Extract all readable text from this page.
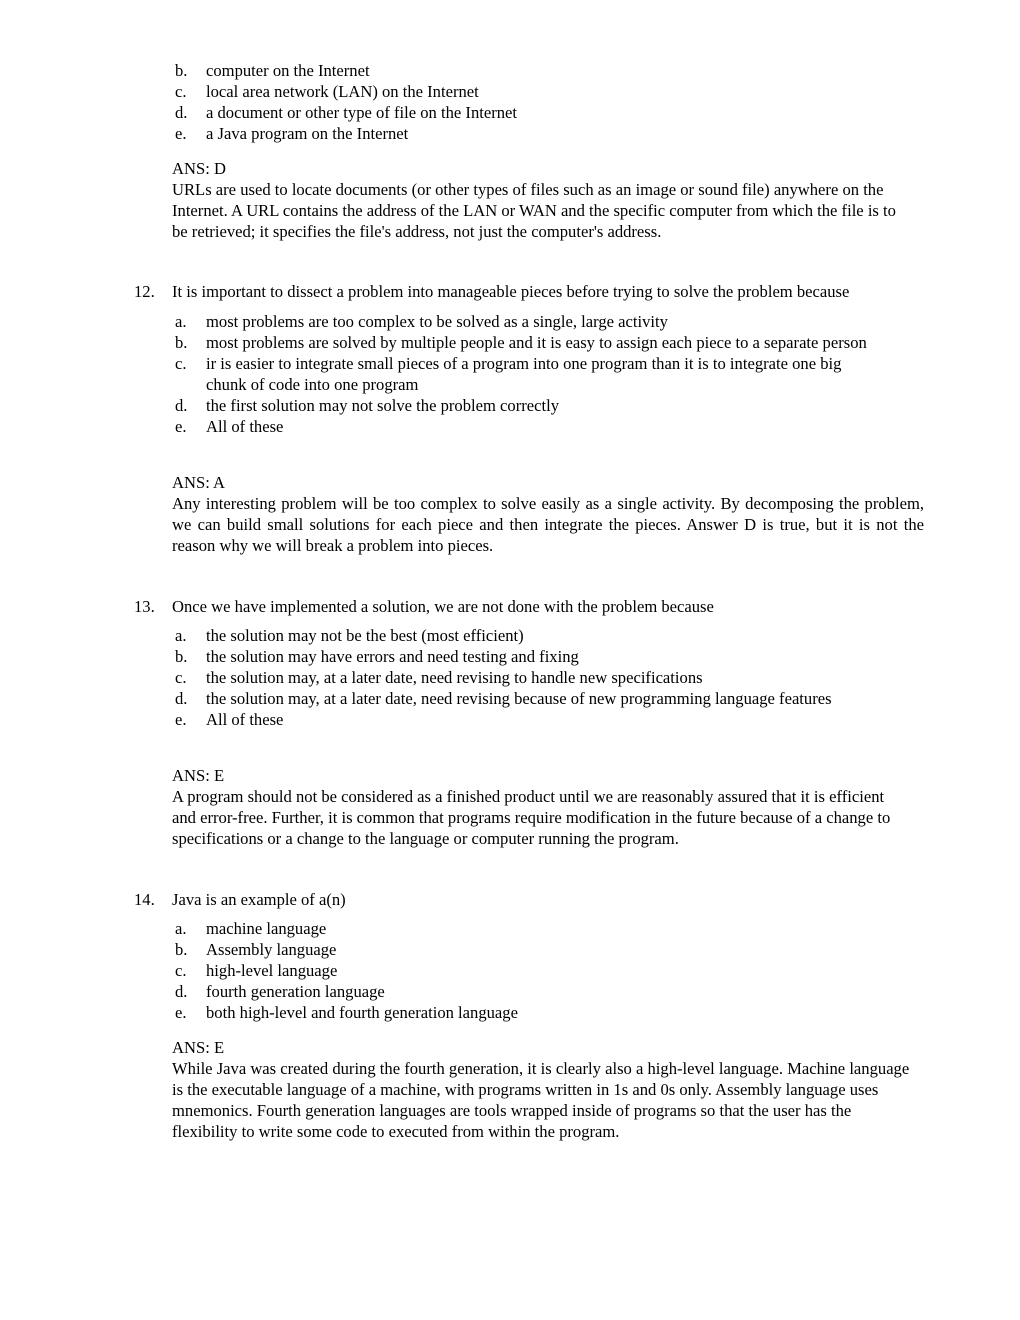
b. computer on the Internet
c. local area network (LAN) on the Internet
d. a document or other type of file on the Internet
e. a Java program on the Internet
ANS: D
URLs are used to locate documents (or other types of files such as an image or sound file) anywhere on the Internet. A URL contains the address of the LAN or WAN and the specific computer from which the file is to be retrieved; it specifies the file's address, not just the computer's address.
12. It is important to dissect a problem into manageable pieces before trying to solve the problem because
a. most problems are too complex to be solved as a single, large activity
b. most problems are solved by multiple people and it is easy to assign each piece to a separate person
c. ir is easier to integrate small pieces of a program into one program than it is to integrate one big chunk of code into one program
d. the first solution may not solve the problem correctly
e. All of these
ANS: A
Any interesting problem will be too complex to solve easily as a single activity. By decomposing the problem, we can build small solutions for each piece and then integrate the pieces. Answer D is true, but it is not the reason why we will break a problem into pieces.
13. Once we have implemented a solution, we are not done with the problem because
a. the solution may not be the best (most efficient)
b. the solution may have errors and need testing and fixing
c. the solution may, at a later date, need revising to handle new specifications
d. the solution may, at a later date, need revising because of new programming language features
e. All of these
ANS: E
A program should not be considered as a finished product until we are reasonably assured that it is efficient and error-free. Further, it is common that programs require modification in the future because of a change to specifications or a change to the language or computer running the program.
14. Java is an example of a(n)
a. machine language
b. Assembly language
c. high-level language
d. fourth generation language
e. both high-level and fourth generation language
ANS: E
While Java was created during the fourth generation, it is clearly also a high-level language. Machine language is the executable language of a machine, with programs written in 1s and 0s only. Assembly language uses mnemonics. Fourth generation languages are tools wrapped inside of programs so that the user has the flexibility to write some code to executed from within the program.
